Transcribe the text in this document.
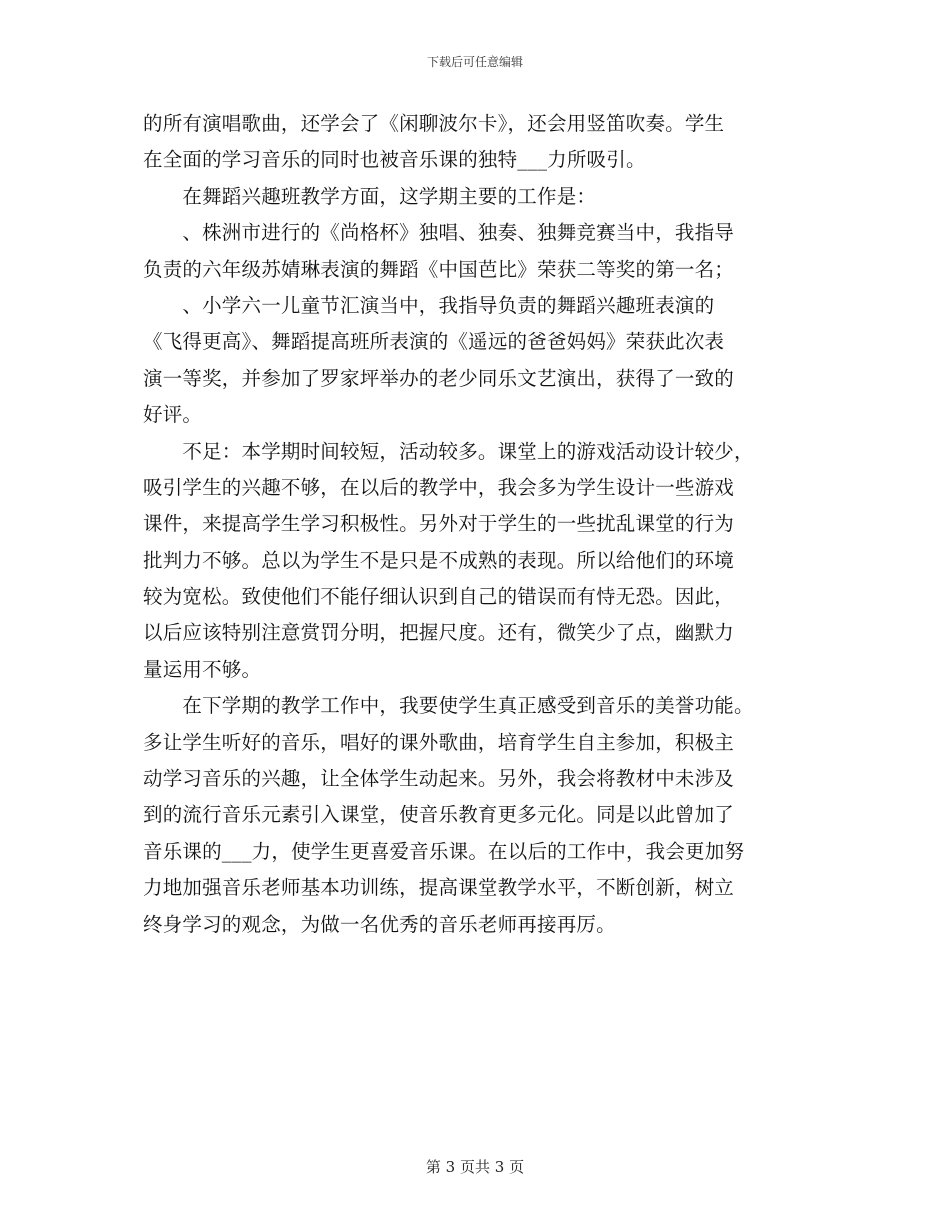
下载后可任意编辑
的所有演唱歌曲，还学会了《闲聊波尔卡》，还会用竖笛吹奏。学生
在全面的学习音乐的同时也被音乐课的独特___力所吸引。
　　在舞蹈兴趣班教学方面，这学期主要的工作是：
　　、株洲市进行的《尚格杯》独唱、独奏、独舞竞赛当中，我指导
负责的六年级苏婧琳表演的舞蹈《中国芭比》荣获二等奖的第一名；
　　、小学六一儿童节汇演当中，我指导负责的舞蹈兴趣班表演的
《飞得更高》、舞蹈提高班所表演的《遥远的爸爸妈妈》荣获此次表
演一等奖，并参加了罗家坪举办的老少同乐文艺演出，获得了一致的
好评。
　　不足：本学期时间较短，活动较多。课堂上的游戏活动设计较少，
吸引学生的兴趣不够，在以后的教学中，我会多为学生设计一些游戏
课件，来提高学生学习积极性。另外对于学生的一些扰乱课堂的行为
批判力不够。总以为学生不是只是不成熟的表现。所以给他们的环境
较为宽松。致使他们不能仔细认识到自己的错误而有恃无恐。因此，
以后应该特别注意赏罚分明，把握尺度。还有，微笑少了点，幽默力
量运用不够。
　　在下学期的教学工作中，我要使学生真正感受到音乐的美誉功能。
多让学生听好的音乐，唱好的课外歌曲，培育学生自主参加，积极主
动学习音乐的兴趣，让全体学生动起来。另外，我会将教材中未涉及
到的流行音乐元素引入课堂，使音乐教育更多元化。同是以此曾加了
音乐课的___力，使学生更喜爱音乐课。在以后的工作中，我会更加努
力地加强音乐老师基本功训练，提高课堂教学水平，不断创新，树立
终身学习的观念，为做一名优秀的音乐老师再接再厉。
第 3 页共 3 页
